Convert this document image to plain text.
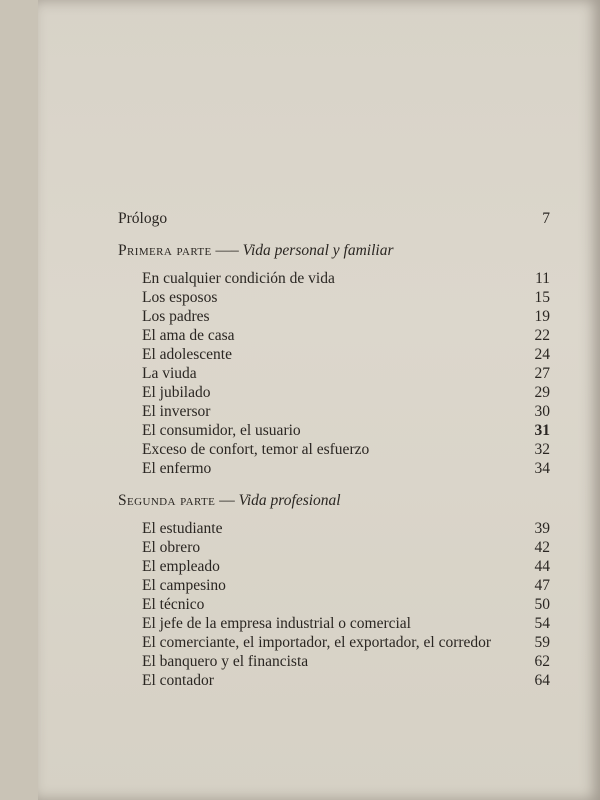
Prólogo	7
Primera parte —– Vida personal y familiar
En cualquier condición de vida	11
Los esposos	15
Los padres	19
El ama de casa	22
El adolescente	24
La viuda	27
El jubilado	29
El inversor	30
El consumidor, el usuario	31
Exceso de confort, temor al esfuerzo	32
El enfermo	34
Segunda parte — Vida profesional
El estudiante	39
El obrero	42
El empleado	44
El campesino	47
El técnico	50
El jefe de la empresa industrial o comercial	54
El comerciante, el importador, el exportador, el corredor	59
El banquero y el financista	62
El contador	64
